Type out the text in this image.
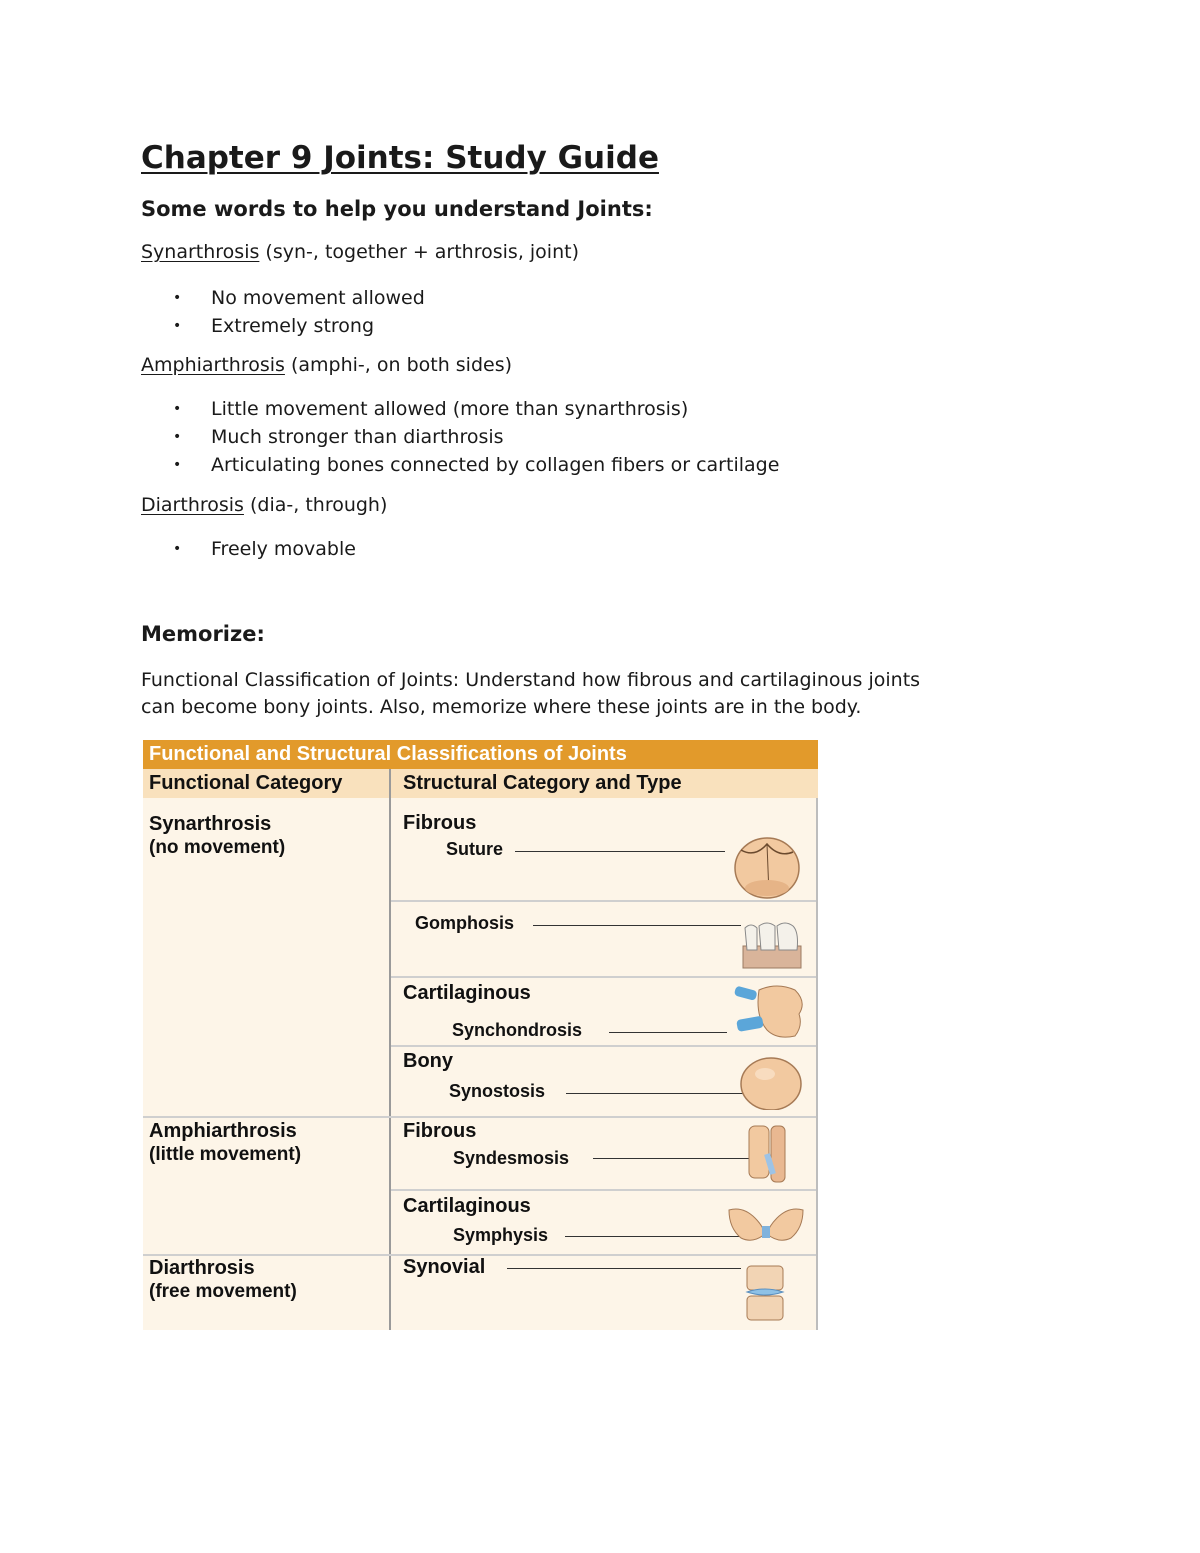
Chapter 9 Joints: Study Guide
Some words to help you understand Joints:

Synarthrosis (syn-, together + arthrosis, joint)

• No movement allowed
• Extremely strong

Amphiarthrosis (amphi-, on both sides)

• Little movement allowed (more than synarthrosis)
• Much stronger than diarthrosis
• Articulating bones connected by collagen fibers or cartilage

Diarthrosis (dia-, through)

• Freely movable
Memorize:

Functional Classification of Joints: Understand how fibrous and cartilaginous joints
can become bony joints. Also, memorize where these joints are in the body.

Functional and Structural Classifications of Joints
Functional Category	Structural Category and Type
Synarthrosis
(no movement)
Amphiarthrosis
(little movement)
Diarthrosis
(free movement)
Fibrous
Suture
Gomphosis
Cartilaginous
Synchondrosis
Bony
Synostosis
Fibrous
Syndesmosis
Cartilaginous
Symphysis
Synovial
